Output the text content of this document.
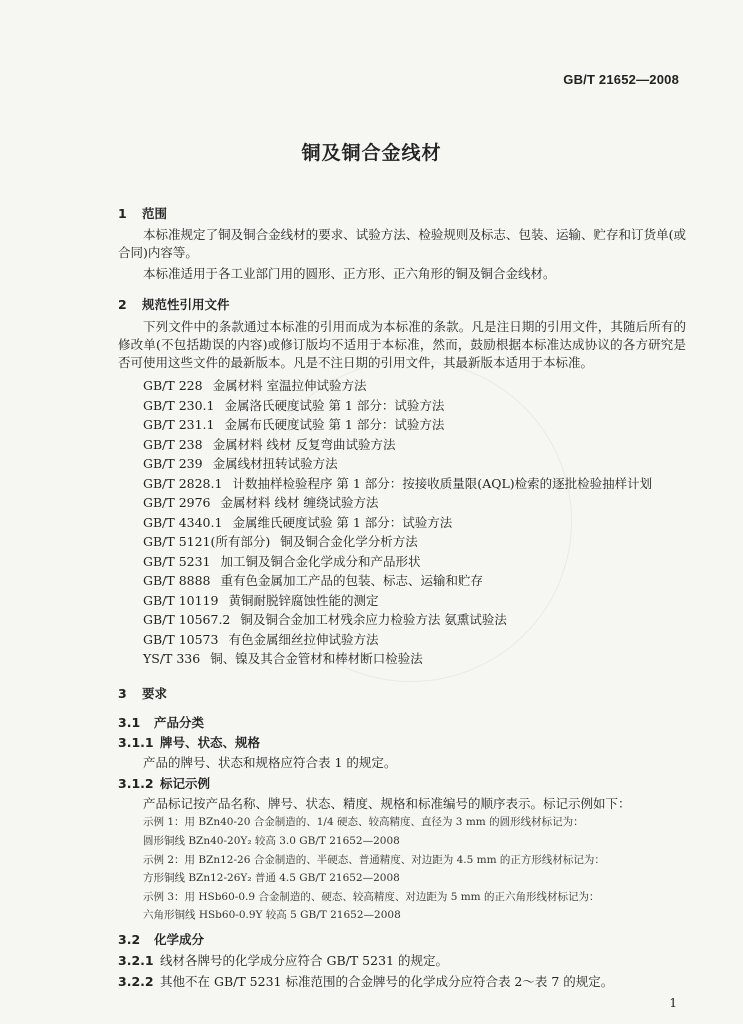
GB/T 21652—2008
铜及铜合金线材
1 范围
本标准规定了铜及铜合金线材的要求、试验方法、检验规则及标志、包装、运输、贮存和订货单(或合同)内容等。
本标准适用于各工业部门用的圆形、正方形、正六角形的铜及铜合金线材。
2 规范性引用文件
下列文件中的条款通过本标准的引用而成为本标准的条款。凡是注日期的引用文件，其随后所有的修改单(不包括勘误的内容)或修订版均不适用于本标准，然而，鼓励根据本标准达成协议的各方研究是否可使用这些文件的最新版本。凡是不注日期的引用文件，其最新版本适用于本标准。
GB/T 228 金属材料 室温拉伸试验方法
GB/T 230.1 金属洛氏硬度试验 第 1 部分：试验方法
GB/T 231.1 金属布氏硬度试验 第 1 部分：试验方法
GB/T 238 金属材料 线材 反复弯曲试验方法
GB/T 239 金属线材扭转试验方法
GB/T 2828.1 计数抽样检验程序 第 1 部分：按接收质量限(AQL)检索的逐批检验抽样计划
GB/T 2976 金属材料 线材 缠绕试验方法
GB/T 4340.1 金属维氏硬度试验 第 1 部分：试验方法
GB/T 5121(所有部分) 铜及铜合金化学分析方法
GB/T 5231 加工铜及铜合金化学成分和产品形状
GB/T 8888 重有色金属加工产品的包装、标志、运输和贮存
GB/T 10119 黄铜耐脱锌腐蚀性能的测定
GB/T 10567.2 铜及铜合金加工材残余应力检验方法 氨熏试验法
GB/T 10573 有色金属细丝拉伸试验方法
YS/T 336 铜、镍及其合金管材和棒材断口检验法
3 要求
3.1 产品分类
3.1.1 牌号、状态、规格
产品的牌号、状态和规格应符合表 1 的规定。
3.1.2 标记示例
产品标记按产品名称、牌号、状态、精度、规格和标准编号的顺序表示。标记示例如下：
示例 1：用 BZn40-20 合金制造的、1/4 硬态、较高精度、直径为 3 mm 的圆形线材标记为：
圆形铜线 BZn40-20Y₂ 较高 3.0 GB/T 21652—2008
示例 2：用 BZn12-26 合金制造的、半硬态、普通精度、对边距为 4.5 mm 的正方形线材标记为：
方形铜线 BZn12-26Y₂ 普通 4.5 GB/T 21652—2008
示例 3：用 HSb60-0.9 合金制造的、硬态、较高精度、对边距为 5 mm 的正六角形线材标记为：
六角形铜线 HSb60-0.9Y 较高 5 GB/T 21652—2008
3.2 化学成分
3.2.1 线材各牌号的化学成分应符合 GB/T 5231 的规定。
3.2.2 其他不在 GB/T 5231 标准范围的合金牌号的化学成分应符合表 2～表 7 的规定。
1
